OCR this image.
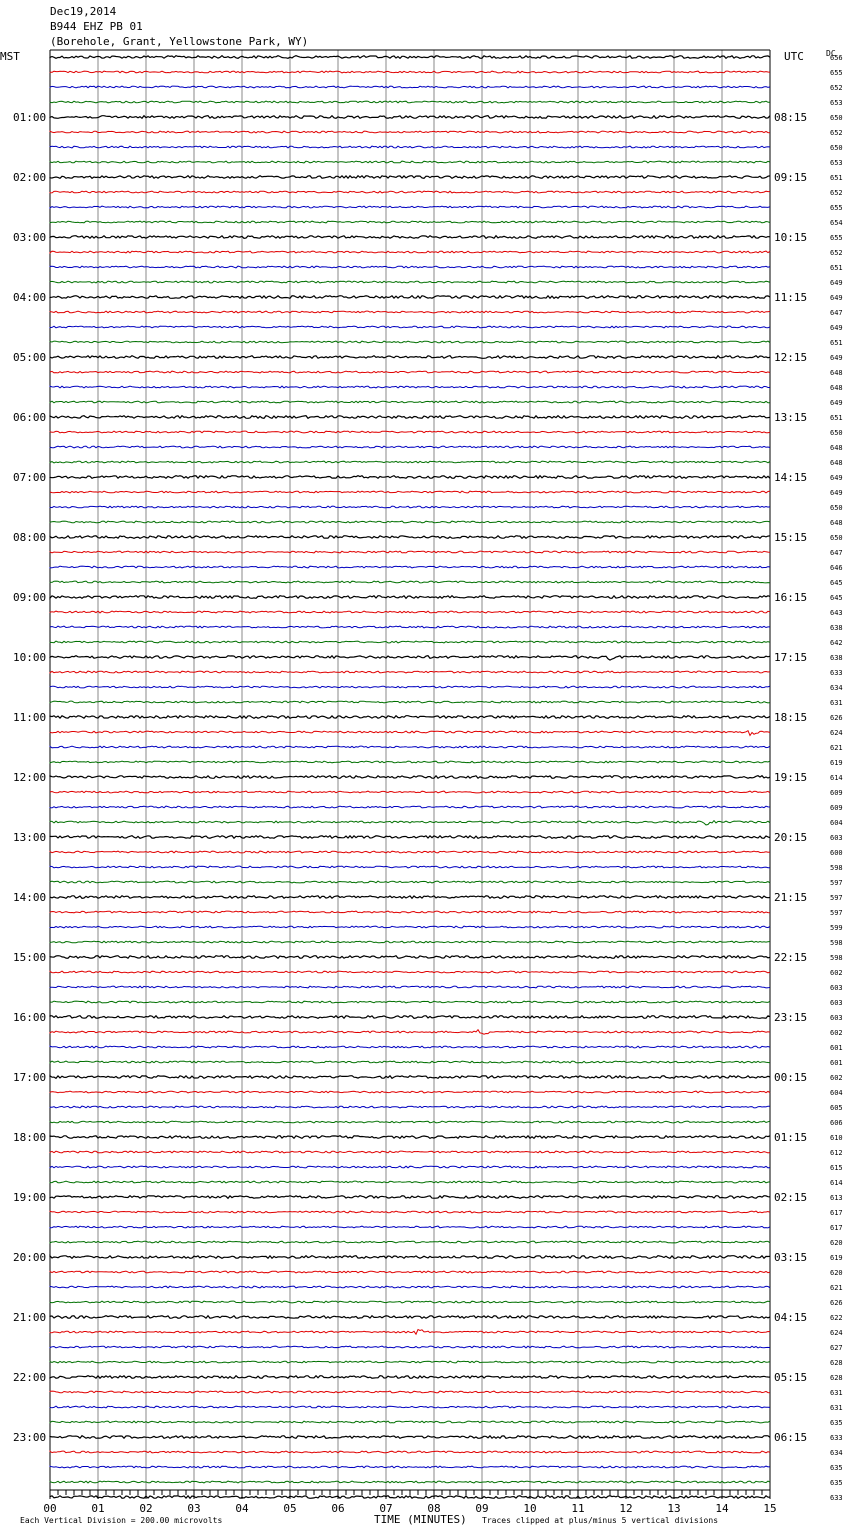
Dec19,2014
B944 EHZ PB 01
(Borehole, Grant, Yellowstone Park, WY)
MST	UTC	DC
656
655
652
653
650
652
650
653
651
652
655
654
655
652
651
649
649
647
649
651
649
648
648
649
651
650
648
648
649
649
650
648
650
647
646
645
645
643
638
642
638
633
634
631
626
624
621
619
614
609
609
604
603
600
598
597
597
597
599
598
598
602
603
603
603
602
601
601
602
604
605
606
610
612
615
614
613
617
617
620
619
620
621
626
622
624
627
628
628
631
631
635
633
634
635
635
633
01:00
02:00
03:00
04:00
05:00
06:00
07:00
08:00
09:00
10:00
11:00
12:00
13:00
14:00
15:00
16:00
17:00
18:00
19:00
20:00
21:00
22:00
23:00
08:15
09:15
10:15
11:15
12:15
13:15
14:15
15:15
16:15
17:15
18:15
19:15
20:15
21:15
22:15
23:15
00:15
01:15
02:15
03:15
04:15
05:15
06:15
00	01	02	03	04	05	06	07	08	09	10	11	12	13	14	15
Each Vertical Division = 200.00 microvolts	TIME (MINUTES) Traces clipped at plus/minus 5 vertical divisions
